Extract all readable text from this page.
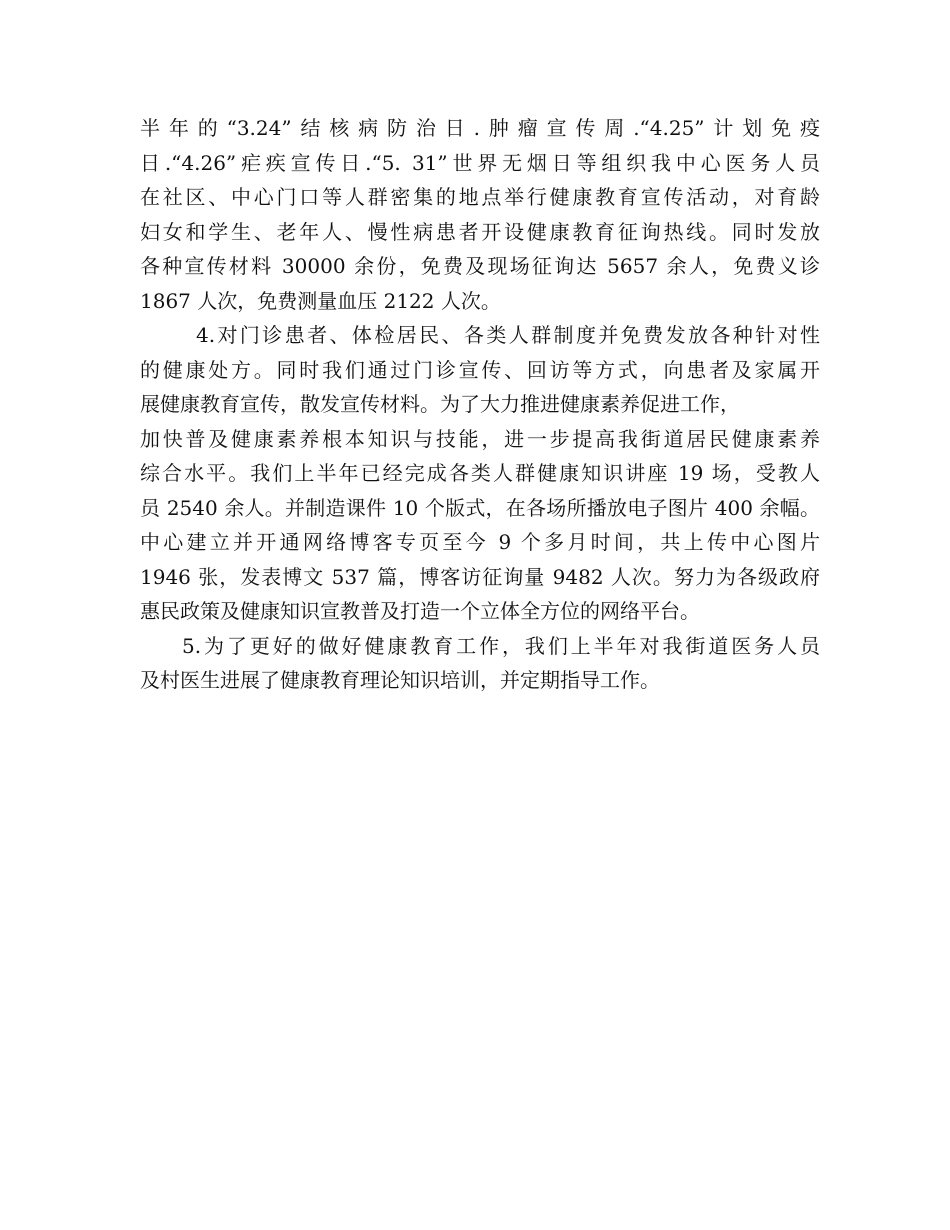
半年的“3.24”结核病防治日.肿瘤宣传周.“4.25”计划免疫
日.“4.26”疟疾宣传日.“5. 31”世界无烟日等组织我中心医务人员
在社区、中心门口等人群密集的地点举行健康教育宣传活动，对育龄
妇女和学生、老年人、慢性病患者开设健康教育征询热线。同时发放
各种宣传材料 30000 余份，免费及现场征询达 5657 余人，免费义诊
1867 人次，免费测量血压 2122 人次。
4.对门诊患者、体检居民、各类人群制度并免费发放各种针对性
的健康处方。同时我们通过门诊宣传、回访等方式，向患者及家属开
展健康教育宣传，散发宣传材料。为了大力推进健康素养促进工作，
加快普及健康素养根本知识与技能，进一步提高我街道居民健康素养
综合水平。我们上半年已经完成各类人群健康知识讲座 19 场，受教人
员 2540 余人。并制造课件 10 个版式，在各场所播放电子图片 400 余幅。
中心建立并开通网络博客专页至今 9 个多月时间，共上传中心图片
1946 张，发表博文 537 篇，博客访征询量 9482 人次。努力为各级政府
惠民政策及健康知识宣教普及打造一个立体全方位的网络平台。
5.为了更好的做好健康教育工作，我们上半年对我街道医务人员
及村医生进展了健康教育理论知识培训，并定期指导工作。
